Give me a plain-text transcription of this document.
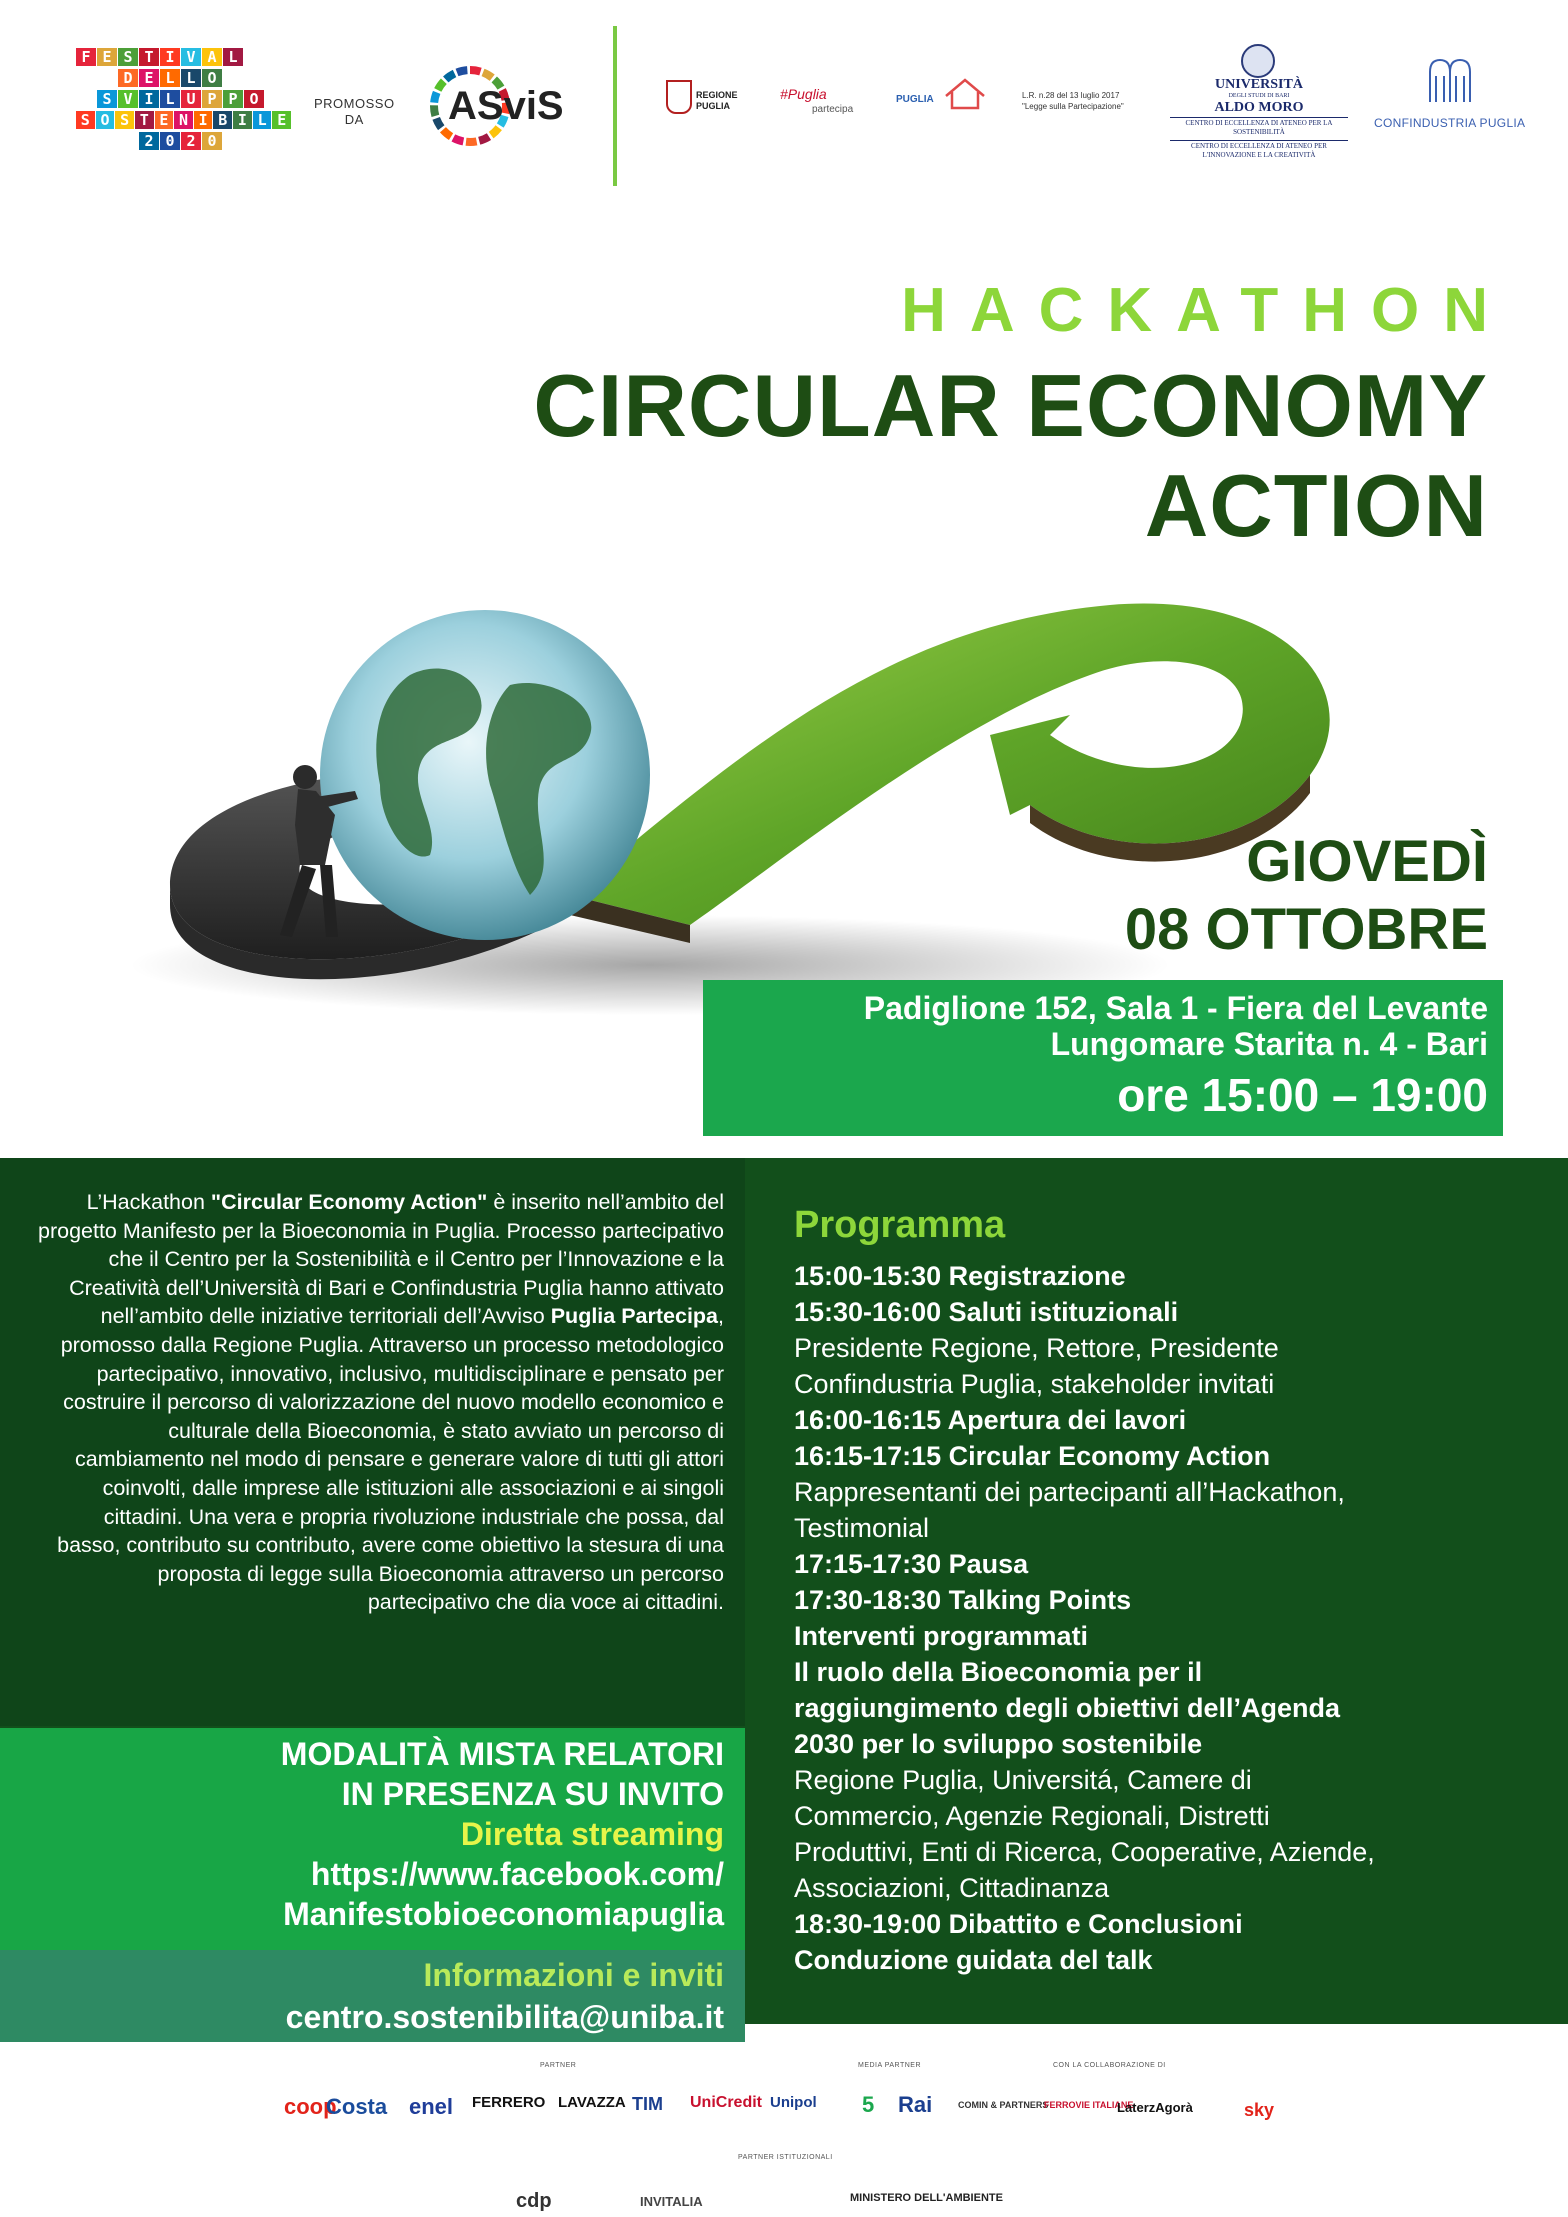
F E S T I V A L
D E L L O
S V I L U P P O
S O S T E N I B I L E
2 0 2 0
PROMOSSO
DA	ASviS	REGIONE
PUGLIA
#Puglia
partecipa
PUGLIA	L.R. n.28 del 13 luglio 2017
"Legge sulla Partecipazione"
UNIVERSITÀ
DEGLI STUDI DI BARI
ALDO MORO
CENTRO DI ECCELLENZA DI ATENEO PER LA SOSTENIBILITÀ
CENTRO DI ECCELLENZA DI ATENEO PER L'INNOVAZIONE E LA CREATIVITÀ
CONFINDUSTRIA PUGLIA
HACKATHON
CIRCULAR ECONOMY
ACTION
GIOVEDÌ
08 OTTOBRE
Padiglione 152, Sala 1 - Fiera del Levante
Lungomare Starita n. 4 - Bari
ore 15:00 – 19:00
L’Hackathon "Circular Economy Action" è inserito nell’ambito del progetto Manifesto per la Bioeconomia in Puglia. Processo partecipativo che il Centro per la Sostenibilità e il Centro per l’Innovazione e la Creatività dell’Università di Bari e Confindustria Puglia hanno attivato nell’ambito delle iniziative territoriali dell’Avviso Puglia Partecipa, promosso dalla Regione Puglia. Attraverso un processo metodologico partecipativo, innovativo, inclusivo, multidisciplinare e pensato per costruire il percorso di valorizzazione del nuovo modello economico e culturale della Bioeconomia, è stato avviato un percorso di cambiamento nel modo di pensare e generare valore di tutti gli attori coinvolti, dalle imprese alle istituzioni alle associazioni e ai singoli cittadini. Una vera e propria rivoluzione industriale che possa, dal basso, contributo su contributo, avere come obiettivo la stesura di una proposta di legge sulla Bioeconomia attraverso un percorso partecipativo che dia voce ai cittadini.
MODALITÀ MISTA RELATORI
IN PRESENZA SU INVITO
Diretta streaming
https://www.facebook.com/
Manifestobioeconomiapuglia
Informazioni e inviti
centro.sostenibilita@uniba.it
Programma
15:00-15:30 Registrazione
15:30-16:00 Saluti istituzionali
Presidente Regione, Rettore, Presidente
Confindustria Puglia, stakeholder invitati
16:00-16:15 Apertura dei lavori
16:15-17:15 Circular Economy Action
Rappresentanti dei partecipanti all’Hackathon,
Testimonial
17:15-17:30 Pausa
17:30-18:30 Talking Points
Interventi programmati
Il ruolo della Bioeconomia per il
raggiungimento degli obiettivi dell’Agenda
2030 per lo sviluppo sostenibile
Regione Puglia, Universitá, Camere di
Commercio, Agenzie Regionali, Distretti
Produttivi, Enti di Ricerca, Cooperative, Aziende,
Associazioni, Cittadinanza
18:30-19:00 Dibattito e Conclusioni
Conduzione guidata del talk
PARTNER	MEDIA PARTNER	CON LA COLLABORAZIONE DI
PARTNER ISTITUZIONALI
coop
Costa enel FERRERO LAVAZZA TIM UniCredit Unipol 5 Rai	COMIN & PARTNERS
FERROVIE ITALIANE
LaterzAgorà	sky
cdp	INVITALIA	MINISTERO DELL'AMBIENTE
